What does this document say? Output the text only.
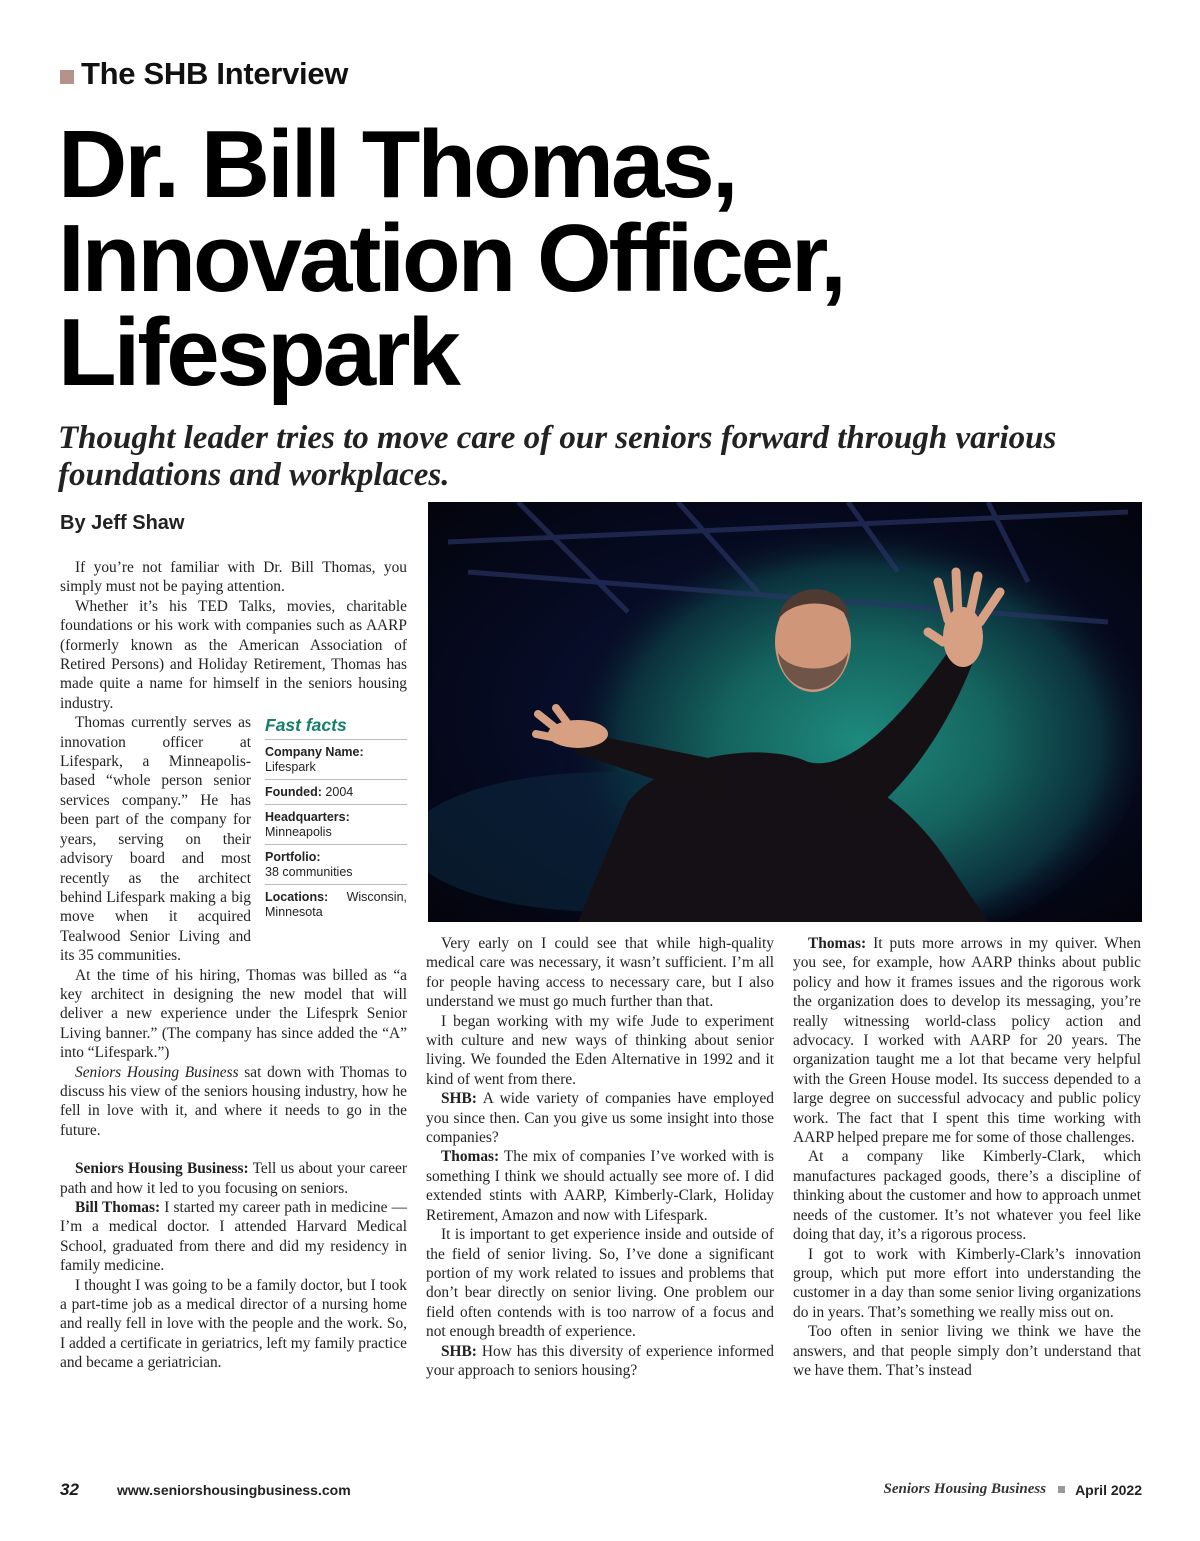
The SHB Interview
Dr. Bill Thomas,
Innovation Officer,
Lifespark

Thought leader tries to move care of our seniors forward through various foundations and workplaces.

By Jeff Shaw

If you’re not familiar with Dr. Bill Thomas, you simply must not be paying attention.

Whether it’s his TED Talks, movies, charitable foundations or his work with companies such as AARP (formerly known as the American Association of Retired Persons) and Holiday Retirement, Thomas has made quite a name for himself in the seniors housing industry.

Fast facts
Company Name:
Lifespark
Founded: 2004
Headquarters:
Minneapolis
Portfolio:
38 communities
Locations: Wisconsin, Minnesota
Thomas currently serves as innovation officer at Lifespark, a Minneapolis-based “whole person senior services company.” He has been part of the company for years, serving on their advisory board and most recently as the architect behind Lifespark making a big move when it acquired Tealwood Senior Living and its 35 communities.

At the time of his hiring, Thomas was billed as “a key architect in designing the new model that will deliver a new experience under the Lifesprk Senior Living banner.” (The company has since added the “A” into “Lifespark.”)

Seniors Housing Business sat down with Thomas to discuss his view of the seniors housing industry, how he fell in love with it, and where it needs to go in the future.

Seniors Housing Business: Tell us about your career path and how it led to you focusing on seniors.

Bill Thomas: I started my career path in medicine — I’m a medical doctor. I attended Harvard Medical School, graduated from there and did my residency in family medicine.

I thought I was going to be a family doctor, but I took a part-time job as a medical director of a nursing home and really fell in love with the people and the work. So, I added a certificate in geriatrics, left my family practice and became a geriatrician.

Very early on I could see that while high-quality medical care was necessary, it wasn’t sufficient. I’m all for people having access to necessary care, but I also understand we must go much further than that.

I began working with my wife Jude to experiment with culture and new ways of thinking about senior living. We founded the Eden Alternative in 1992 and it kind of went from there.

SHB: A wide variety of companies have employed you since then. Can you give us some insight into those companies?

Thomas: The mix of companies I’ve worked with is something I think we should actually see more of. I did extended stints with AARP, Kimberly-Clark, Holiday Retirement, Amazon and now with Lifespark.

It is important to get experience inside and outside of the field of senior living. So, I’ve done a significant portion of my work related to issues and problems that don’t bear directly on senior living. One problem our field often contends with is too narrow of a focus and not enough breadth of experience.

SHB: How has this diversity of experience informed your approach to seniors housing?

Thomas: It puts more arrows in my quiver. When you see, for example, how AARP thinks about public policy and how it frames issues and the rigorous work the organization does to develop its messaging, you’re really witnessing world-class policy action and advocacy. I worked with AARP for 20 years. The organization taught me a lot that became very helpful with the Green House model. Its success depended to a large degree on successful advocacy and public policy work. The fact that I spent this time working with AARP helped prepare me for some of those challenges.

At a company like Kimberly-Clark, which manufactures packaged goods, there’s a discipline of thinking about the customer and how to approach unmet needs of the customer. It’s not whatever you feel like doing that day, it’s a rigorous process.

I got to work with Kimberly-Clark’s innovation group, which put more effort into understanding the customer in a day than some senior living organizations do in years. That’s something we really miss out on.

Too often in senior living we think we have the answers, and that people simply don’t understand that we have them. That’s instead

32	www.seniorshousingbusiness.com	Seniors Housing Business April 2022
